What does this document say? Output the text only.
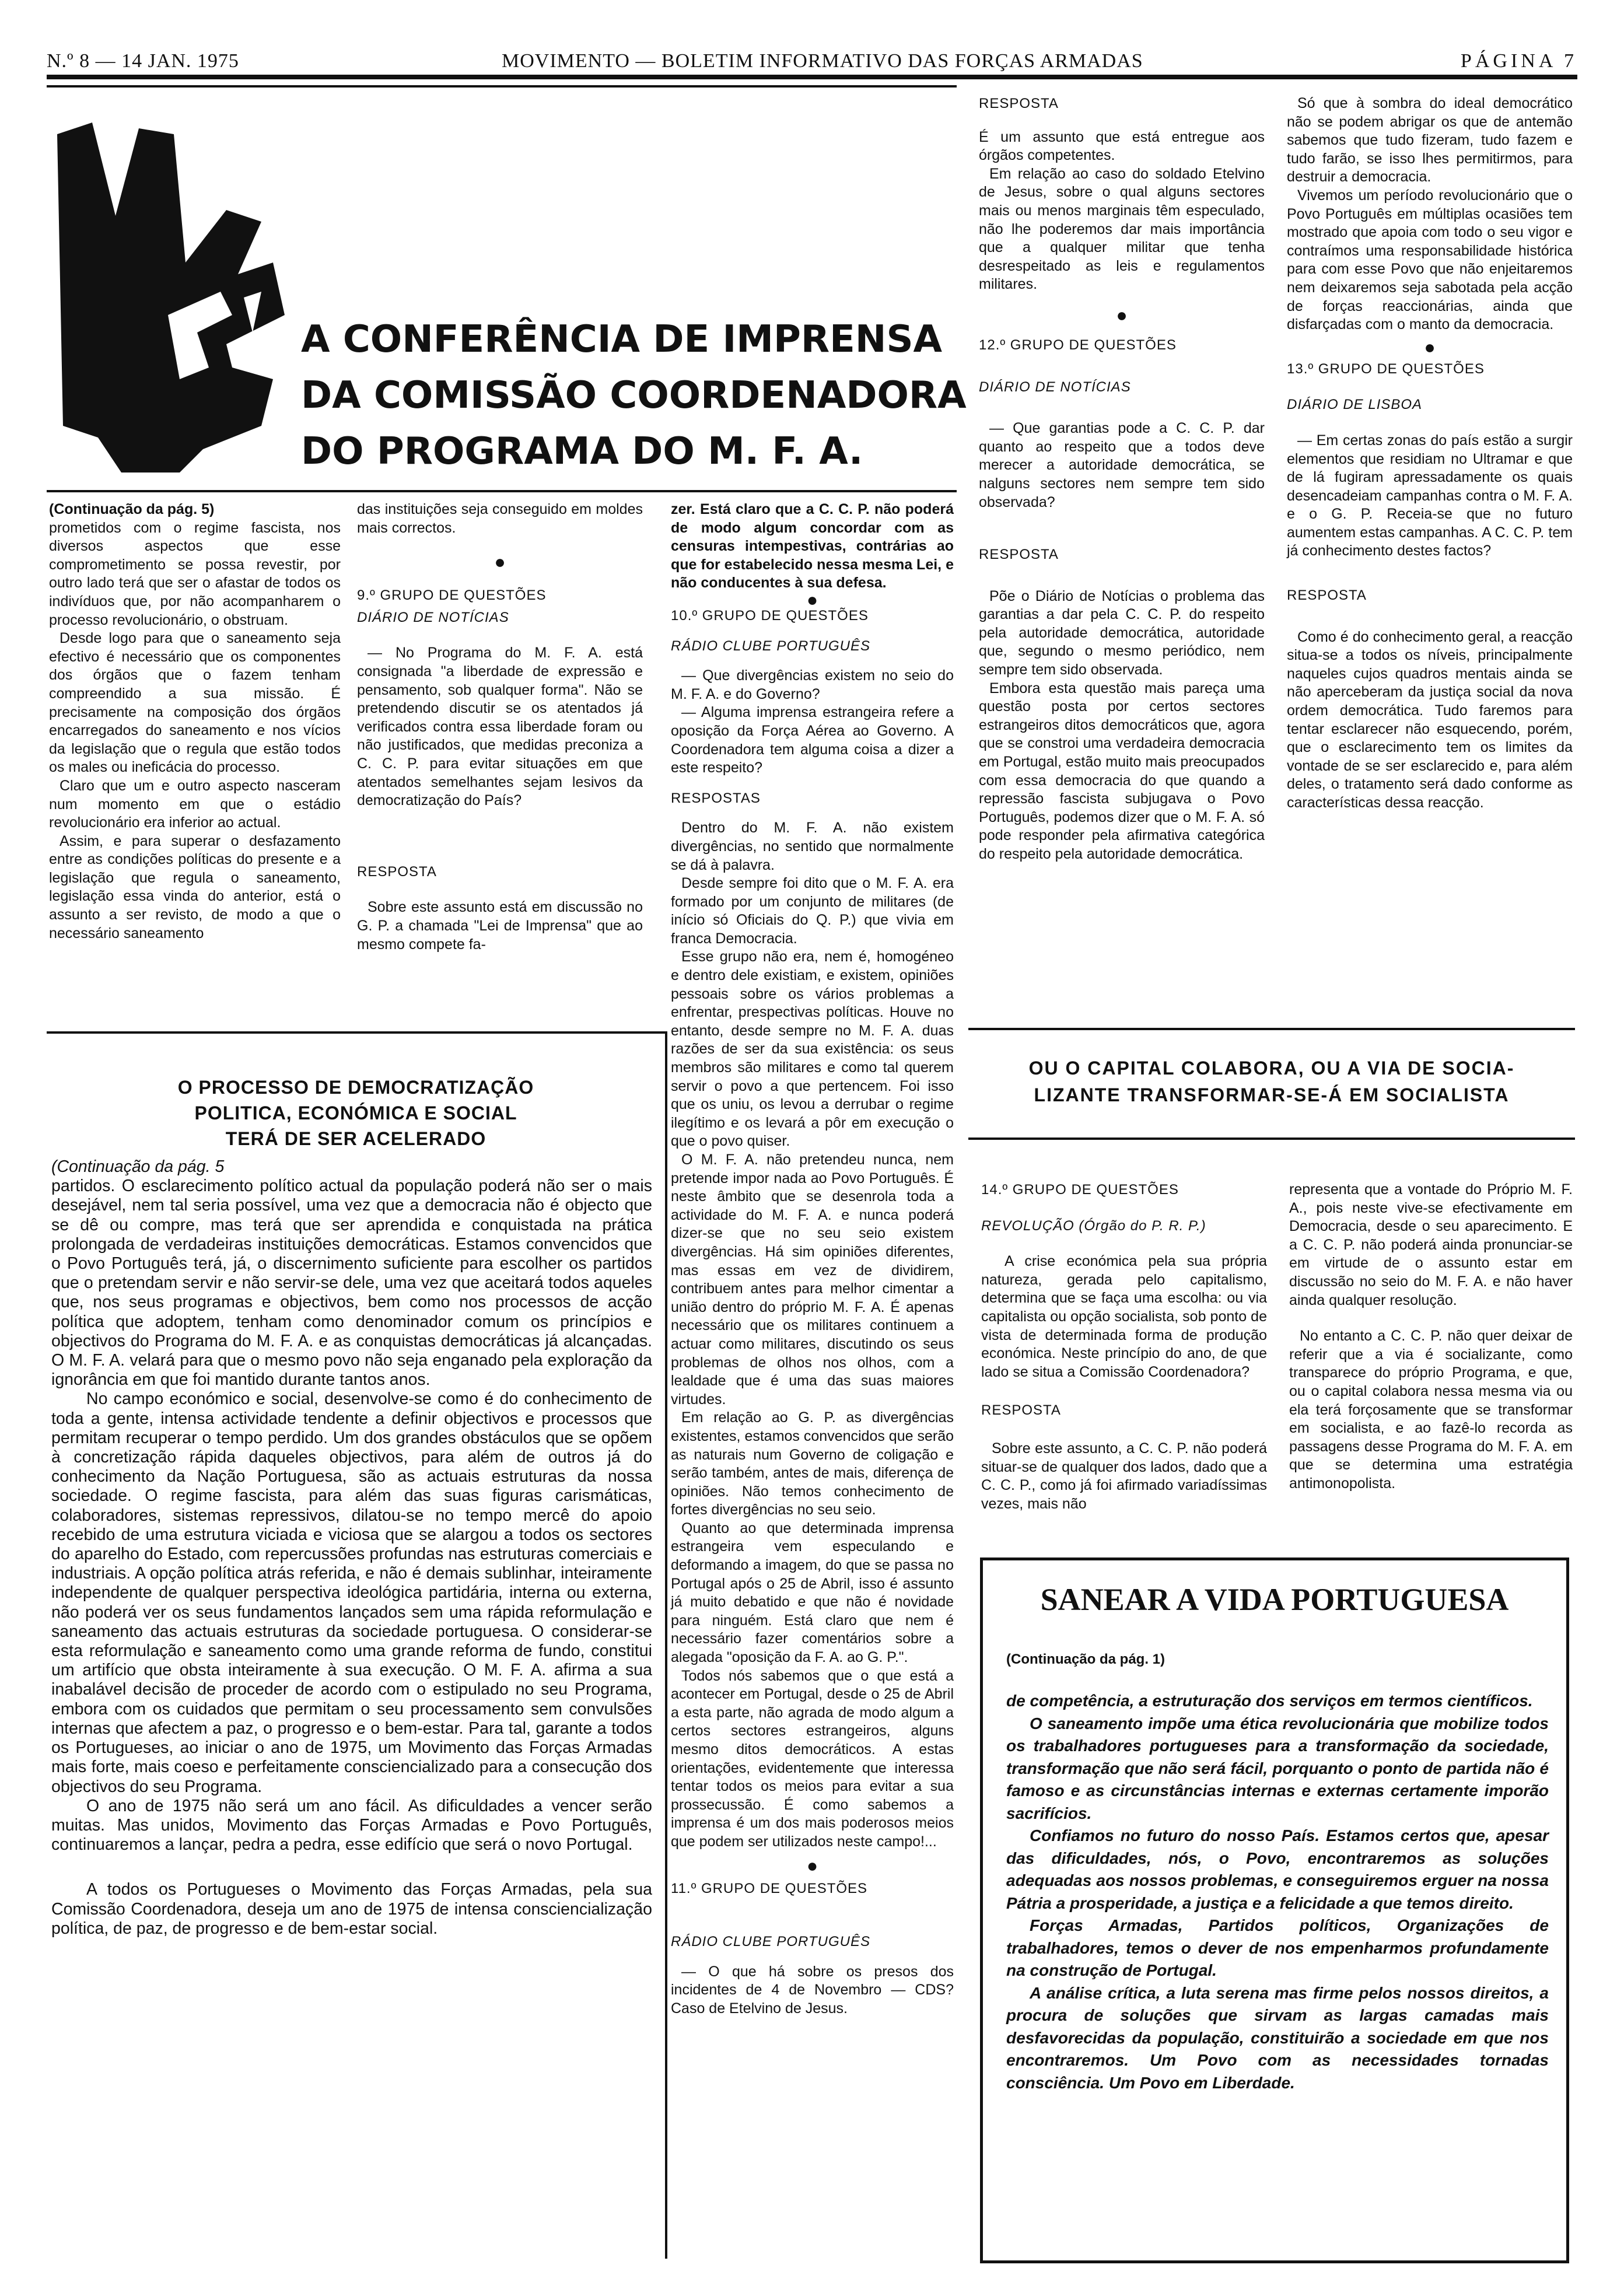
N.º 8 — 14 JAN. 1975	MOVIMENTO — BOLETIM INFORMATIVO DAS FORÇAS ARMADAS	PÁGINA 7
A CONFERÊNCIA DE IMPRENSA
DA COMISSÃO COORDENADORA
DO PROGRAMA DO M. F. A.

(Continuação da pág. 5)

prometidos com o regime fascista, nos diversos aspectos que esse comprometimento se possa revestir, por outro lado terá que ser o afastar de todos os indivíduos que, por não acompanharem o processo revolucionário, o obstruam.

Desde logo para que o saneamento seja efectivo é necessário que os componentes dos órgãos que o fazem tenham compreendido a sua missão. É precisamente na composição dos órgãos encarregados do saneamento e nos vícios da legislação que o regula que estão todos os males ou ineficácia do processo.

Claro que um e outro aspecto nasceram num momento em que o estádio revolucionário era inferior ao actual.

Assim, e para superar o desfazamento entre as condições políticas do presente e a legislação que regula o saneamento, legislação essa vinda do anterior, está o assunto a ser revisto, de modo a que o necessário saneamento

das instituições seja conseguido em moldes mais correctos.

●

9.º GRUPO DE QUESTÕES

DIÁRIO DE NOTÍCIAS

— No Programa do M. F. A. está consignada "a liberdade de expressão e pensamento, sob qualquer forma". Não se pretendendo discutir se os atentados já verificados contra essa liberdade foram ou não justificados, que medidas preconiza a C. C. P. para evitar situações em que atentados semelhantes sejam lesivos da democratização do País?

RESPOSTA

Sobre este assunto está em discussão no G. P. a chamada "Lei de Imprensa" que ao mesmo compete fa-

O PROCESSO DE DEMOCRATIZAÇÃO
POLITICA, ECONÓMICA E SOCIAL
TERÁ DE SER ACELERADO

(Continuação da pág. 5

partidos. O esclarecimento político actual da população poderá não ser o mais desejável, nem tal seria possível, uma vez que a democracia não é objecto que se dê ou compre, mas terá que ser aprendida e conquistada na prática prolongada de verdadeiras instituições democráticas. Estamos convencidos que o Povo Português terá, já, o discernimento suficiente para escolher os partidos que o pretendam servir e não servir-se dele, uma vez que aceitará todos aqueles que, nos seus programas e objectivos, bem como nos processos de acção política que adoptem, tenham como denominador comum os princípios e objectivos do Programa do M. F. A. e as conquistas democráticas já alcançadas. O M. F. A. velará para que o mesmo povo não seja enganado pela exploração da ignorância em que foi mantido durante tantos anos.

No campo económico e social, desenvolve-se como é do conhecimento de toda a gente, intensa actividade tendente a definir objectivos e processos que permitam recuperar o tempo perdido. Um dos grandes obstáculos que se opõem à concretização rápida daqueles objectivos, para além de outros já do conhecimento da Nação Portuguesa, são as actuais estruturas da nossa sociedade. O regime fascista, para além das suas figuras carismáticas, colaboradores, sistemas repressivos, dilatou-se no tempo mercê do apoio recebido de uma estrutura viciada e viciosa que se alargou a todos os sectores do aparelho do Estado, com repercussões profundas nas estruturas comerciais e industriais. A opção política atrás referida, e não é demais sublinhar, inteiramente independente de qualquer perspectiva ideológica partidária, interna ou externa, não poderá ver os seus fundamentos lançados sem uma rápida reformulação e saneamento das actuais estruturas da sociedade portuguesa. O considerar-se esta reformulação e saneamento como uma grande reforma de fundo, constitui um artifício que obsta inteiramente à sua execução. O M. F. A. afirma a sua inabalável decisão de proceder de acordo com o estipulado no seu Programa, embora com os cuidados que permitam o seu processamento sem convulsões internas que afectem a paz, o progresso e o bem-estar. Para tal, garante a todos os Portugueses, ao iniciar o ano de 1975, um Movimento das Forças Armadas mais forte, mais coeso e perfeitamente consciencializado para a consecução dos objectivos do seu Programa.

O ano de 1975 não será um ano fácil. As dificuldades a vencer serão muitas. Mas unidos, Movimento das Forças Armadas e Povo Português, continuaremos a lançar, pedra a pedra, esse edifício que será o novo Portugal.

A todos os Portugueses o Movimento das Forças Armadas, pela sua Comissão Coordenadora, deseja um ano de 1975 de intensa consciencialização política, de paz, de progresso e de bem-estar social.

zer. Está claro que a C. C. P. não poderá de modo algum concordar com as censuras intempestivas, contrárias ao que for estabelecido nessa mesma Lei, e não conducentes à sua defesa.

●

10.º GRUPO DE QUESTÕES

RÁDIO CLUBE PORTUGUÊS

— Que divergências existem no seio do M. F. A. e do Governo?

— Alguma imprensa estrangeira refere a oposição da Força Aérea ao Governo. A Coordenadora tem alguma coisa a dizer a este respeito?

RESPOSTAS

Dentro do M. F. A. não existem divergências, no sentido que normalmente se dá à palavra.

Desde sempre foi dito que o M. F. A. era formado por um conjunto de militares (de início só Oficiais do Q. P.) que vivia em franca Democracia.

Esse grupo não era, nem é, homogéneo e dentro dele existiam, e existem, opiniões pessoais sobre os vários problemas a enfrentar, prespectivas políticas. Houve no entanto, desde sempre no M. F. A. duas razões de ser da sua existência: os seus membros são militares e como tal querem servir o povo a que pertencem. Foi isso que os uniu, os levou a derrubar o regime ilegítimo e os levará a pôr em execução o que o povo quiser.

O M. F. A. não pretendeu nunca, nem pretende impor nada ao Povo Português. É neste âmbito que se desenrola toda a actividade do M. F. A. e nunca poderá dizer-se que no seu seio existem divergências. Há sim opiniões diferentes, mas essas em vez de dividirem, contribuem antes para melhor cimentar a união dentro do próprio M. F. A. É apenas necessário que os militares continuem a actuar como militares, discutindo os seus problemas de olhos nos olhos, com a lealdade que é uma das suas maiores virtudes.

Em relação ao G. P. as divergências existentes, estamos convencidos que serão as naturais num Governo de coligação e serão também, antes de mais, diferença de opiniões. Não temos conhecimento de fortes divergências no seu seio.

Quanto ao que determinada imprensa estrangeira vem especulando e deformando a imagem, do que se passa no Portugal após o 25 de Abril, isso é assunto já muito debatido e que não é novidade para ninguém. Está claro que nem é necessário fazer comentários sobre a alegada "oposição da F. A. ao G. P.".

Todos nós sabemos que o que está a acontecer em Portugal, desde o 25 de Abril a esta parte, não agrada de modo algum a certos sectores estrangeiros, alguns mesmo ditos democráticos. A estas orientações, evidentemente que interessa tentar todos os meios para evitar a sua prossecussão. É como sabemos a imprensa é um dos mais poderosos meios que podem ser utilizados neste campo!...

●

11.º GRUPO DE QUESTÕES

RÁDIO CLUBE PORTUGUÊS

— O que há sobre os presos dos incidentes de 4 de Novembro — CDS? Caso de Etelvino de Jesus.

RESPOSTA

É um assunto que está entregue aos órgãos competentes.

Em relação ao caso do soldado Etelvino de Jesus, sobre o qual alguns sectores mais ou menos marginais têm especulado, não lhe poderemos dar mais importância que a qualquer militar que tenha desrespeitado as leis e regulamentos militares.

●

12.º GRUPO DE QUESTÕES

DIÁRIO DE NOTÍCIAS

— Que garantias pode a C. C. P. dar quanto ao respeito que a todos deve merecer a autoridade democrática, se nalguns sectores nem sempre tem sido observada?

RESPOSTA

Põe o Diário de Notícias o problema das garantias a dar pela C. C. P. do respeito pela autoridade democrática, autoridade que, segundo o mesmo periódico, nem sempre tem sido observada.

Embora esta questão mais pareça uma questão posta por certos sectores estrangeiros ditos democráticos que, agora que se constroi uma verdadeira democracia em Portugal, estão muito mais preocupados com essa democracia do que quando a repressão fascista subjugava o Povo Português, podemos dizer que o M. F. A. só pode responder pela afirmativa categórica do respeito pela autoridade democrática.

Só que à sombra do ideal democrático não se podem abrigar os que de antemão sabemos que tudo fizeram, tudo fazem e tudo farão, se isso lhes permitirmos, para destruir a democracia.

Vivemos um período revolucionário que o Povo Português em múltiplas ocasiões tem mostrado que apoia com todo o seu vigor e contraímos uma responsabilidade histórica para com esse Povo que não enjeitaremos nem deixaremos seja sabotada pela acção de forças reaccionárias, ainda que disfarçadas com o manto da democracia.

●

13.º GRUPO DE QUESTÕES

DIÁRIO DE LISBOA

— Em certas zonas do país estão a surgir elementos que residiam no Ultramar e que de lá fugiram apressadamente os quais desencadeiam campanhas contra o M. F. A. e o G. P. Receia-se que no futuro aumentem estas campanhas. A C. C. P. tem já conhecimento destes factos?

RESPOSTA

Como é do conhecimento geral, a reacção situa-se a todos os níveis, principalmente naqueles cujos quadros mentais ainda se não aperceberam da justiça social da nova ordem democrática. Tudo faremos para tentar esclarecer não esquecendo, porém, que o esclarecimento tem os limites da vontade de se ser esclarecido e, para além deles, o tratamento será dado conforme as características dessa reacção.

OU O CAPITAL COLABORA, OU A VIA DE SOCIA-
LIZANTE TRANSFORMAR-SE-Á EM SOCIALISTA

14.º GRUPO DE QUESTÕES

REVOLUÇÃO (Órgão do P. R. P.)

A crise económica pela sua própria natureza, gerada pelo capitalismo, determina que se faça uma escolha: ou via capitalista ou opção socialista, sob ponto de vista de determinada forma de produção económica. Neste princípio do ano, de que lado se situa a Comissão Coordenadora?

RESPOSTA

Sobre este assunto, a C. C. P. não poderá situar-se de qualquer dos lados, dado que a C. C. P., como já foi afirmado variadíssimas vezes, mais não

representa que a vontade do Próprio M. F. A., pois neste vive-se efectivamente em Democracia, desde o seu aparecimento. E a C. C. P. não poderá ainda pronunciar-se em virtude de o assunto estar em discussão no seio do M. F. A. e não haver ainda qualquer resolução.

No entanto a C. C. P. não quer deixar de referir que a via é socializante, como transparece do próprio Programa, e que, ou o capital colabora nessa mesma via ou ela terá forçosamente que se transformar em socialista, e ao fazê-lo recorda as passagens desse Programa do M. F. A. em que se determina uma estratégia antimonopolista.

SANEAR A VIDA PORTUGUESA
(Continuação da pág. 1)

de competência, a estruturação dos serviços em termos científicos.

O saneamento impõe uma ética revolucionária que mobilize todos os trabalhadores portugueses para a transformação da sociedade, transformação que não será fácil, porquanto o ponto de partida não é famoso e as circunstâncias internas e externas certamente imporão sacrifícios.

Confiamos no futuro do nosso País. Estamos certos que, apesar das dificuldades, nós, o Povo, encontraremos as soluções adequadas aos nossos problemas, e conseguiremos erguer na nossa Pátria a prosperidade, a justiça e a felicidade a que temos direito.

Forças Armadas, Partidos políticos, Organizações de trabalhadores, temos o dever de nos empenharmos profundamente na construção de Portugal.

A análise crítica, a luta serena mas firme pelos nossos direitos, a procura de soluções que sirvam as largas camadas mais desfavorecidas da população, constituirão a sociedade em que nos encontraremos. Um Povo com as necessidades tornadas consciência. Um Povo em Liberdade.
